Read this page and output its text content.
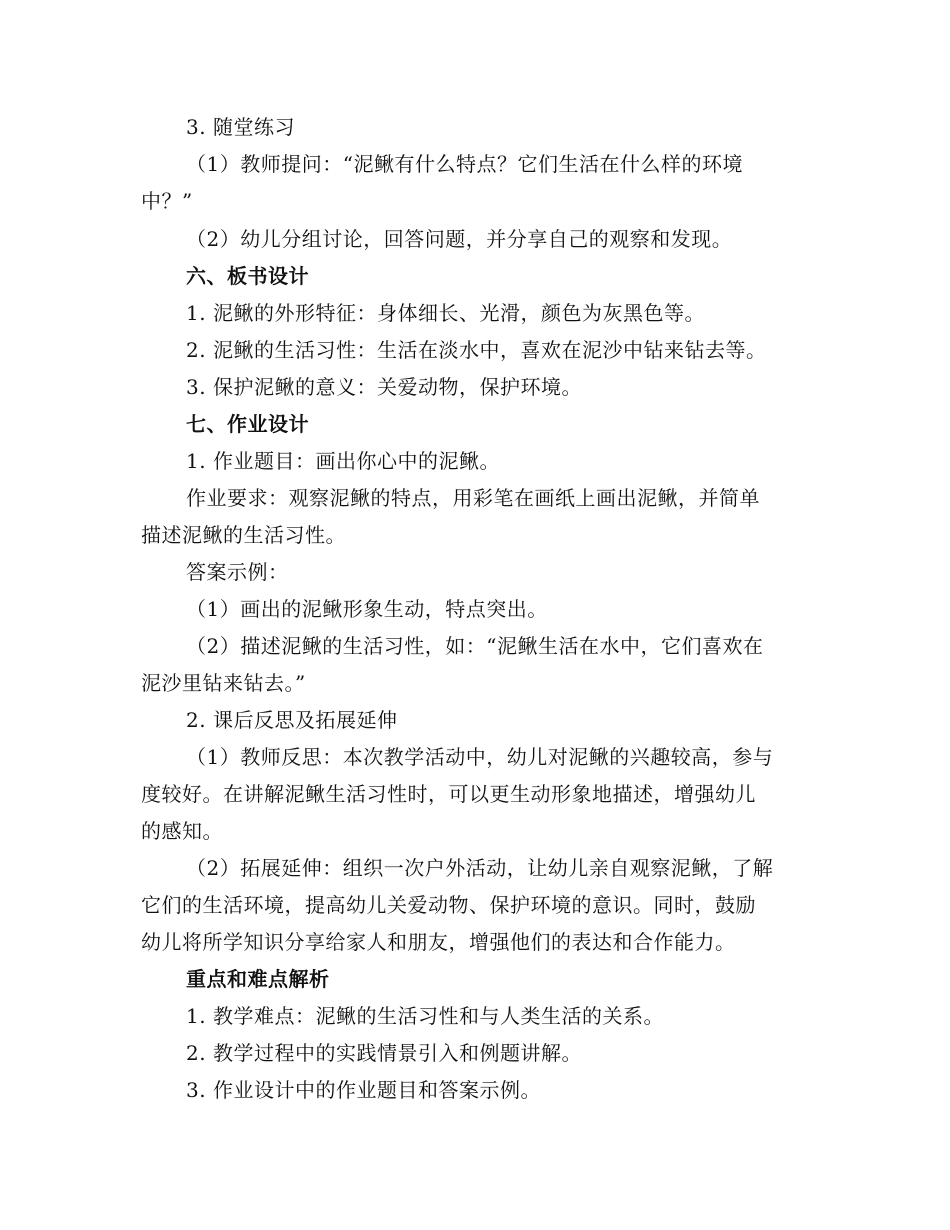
3. 随堂练习
（1）教师提问：“泥鳅有什么特点？它们生活在什么样的环境
中？”
（2）幼儿分组讨论，回答问题，并分享自己的观察和发现。
六、板书设计
1. 泥鳅的外形特征：身体细长、光滑，颜色为灰黑色等。
2. 泥鳅的生活习性：生活在淡水中，喜欢在泥沙中钻来钻去等。
3. 保护泥鳅的意义：关爱动物，保护环境。
七、作业设计
1. 作业题目：画出你心中的泥鳅。
作业要求：观察泥鳅的特点，用彩笔在画纸上画出泥鳅，并简单
描述泥鳅的生活习性。
答案示例：
（1）画出的泥鳅形象生动，特点突出。
（2）描述泥鳅的生活习性，如：“泥鳅生活在水中，它们喜欢在
泥沙里钻来钻去。”
2. 课后反思及拓展延伸
（1）教师反思：本次教学活动中，幼儿对泥鳅的兴趣较高，参与
度较好。在讲解泥鳅生活习性时，可以更生动形象地描述，增强幼儿
的感知。
（2）拓展延伸：组织一次户外活动，让幼儿亲自观察泥鳅，了解
它们的生活环境，提高幼儿关爱动物、保护环境的意识。同时，鼓励
幼儿将所学知识分享给家人和朋友，增强他们的表达和合作能力。
重点和难点解析
1. 教学难点：泥鳅的生活习性和与人类生活的关系。
2. 教学过程中的实践情景引入和例题讲解。
3. 作业设计中的作业题目和答案示例。
